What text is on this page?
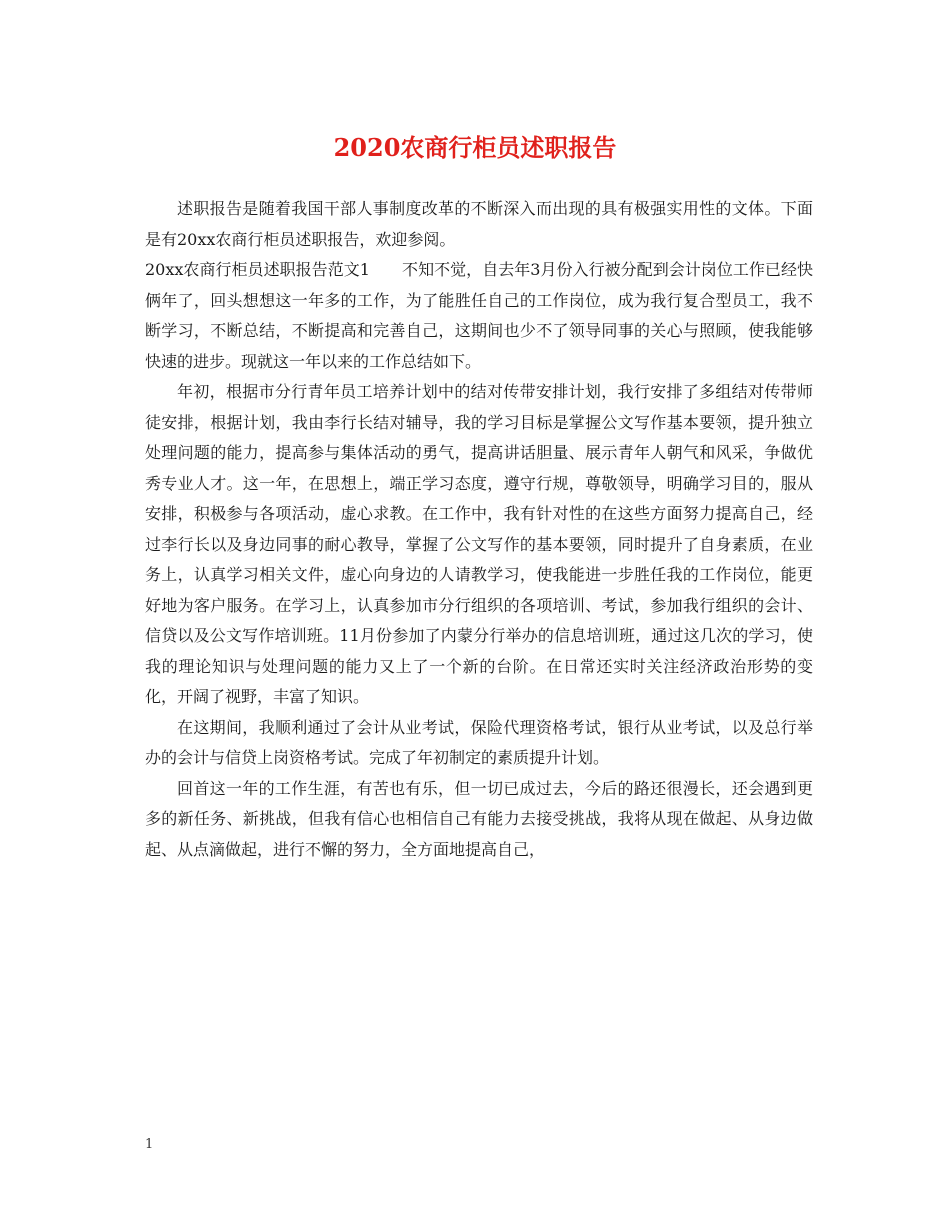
2020农商行柜员述职报告

述职报告是随着我国干部人事制度改革的不断深入而出现的具有极强实用性的文体。下面是有20xx农商行柜员述职报告，欢迎参阅。

20xx农商行柜员述职报告范文1　　不知不觉，自去年3月份入行被分配到会计岗位工作已经快俩年了，回头想想这一年多的工作，为了能胜任自己的工作岗位，成为我行复合型员工，我不断学习，不断总结，不断提高和完善自己，这期间也少不了领导同事的关心与照顾，使我能够快速的进步。现就这一年以来的工作总结如下。

年初，根据市分行青年员工培养计划中的结对传带安排计划，我行安排了多组结对传带师徒安排，根据计划，我由李行长结对辅导，我的学习目标是掌握公文写作基本要领，提升独立处理问题的能力，提高参与集体活动的勇气，提高讲话胆量、展示青年人朝气和风采，争做优秀专业人才。这一年，在思想上，端正学习态度，遵守行规，尊敬领导，明确学习目的，服从安排，积极参与各项活动，虚心求教。在工作中，我有针对性的在这些方面努力提高自己，经过李行长以及身边同事的耐心教导，掌握了公文写作的基本要领，同时提升了自身素质，在业务上，认真学习相关文件，虚心向身边的人请教学习，使我能进一步胜任我的工作岗位，能更好地为客户服务。在学习上，认真参加市分行组织的各项培训、考试，参加我行组织的会计、信贷以及公文写作培训班。11月份参加了内蒙分行举办的信息培训班，通过这几次的学习，使我的理论知识与处理问题的能力又上了一个新的台阶。在日常还实时关注经济政治形势的变化，开阔了视野，丰富了知识。

在这期间，我顺利通过了会计从业考试，保险代理资格考试，银行从业考试，以及总行举办的会计与信贷上岗资格考试。完成了年初制定的素质提升计划。

回首这一年的工作生涯，有苦也有乐，但一切已成过去，今后的路还很漫长，还会遇到更多的新任务、新挑战，但我有信心也相信自己有能力去接受挑战，我将从现在做起、从身边做起、从点滴做起，进行不懈的努力，全方面地提高自己，

1
